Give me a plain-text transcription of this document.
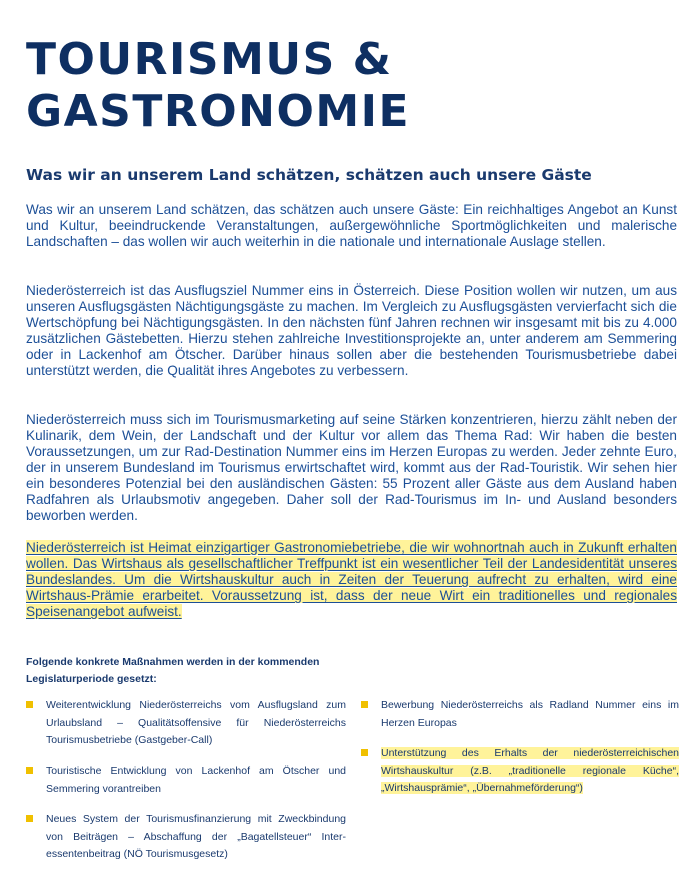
TOURISMUS &
GASTRONOMIE
Was wir an unserem Land schätzen, schätzen auch unsere Gäste

Was wir an unserem Land schätzen, das schätzen auch unsere Gäste: Ein reichhaltiges Angebot an Kunst und Kultur, beeindruckende Veranstaltungen, außergewöhnliche Sportmöglichkeiten und malerische Landschaften – das wollen wir auch weiterhin in die nationale und internationale Auslage stellen.

Niederösterreich ist das Ausflugsziel Nummer eins in Österreich. Diese Position wollen wir nutzen, um aus unseren Ausflugsgästen Nächtigungsgäste zu machen. Im Vergleich zu Ausflugsgästen vervierfacht sich die Wertschöpfung bei Nächtigungsgästen. In den nächsten fünf Jahren rechnen wir insgesamt mit bis zu 4.000 zusätzlichen Gästebetten. Hierzu stehen zahlreiche Investitionsprojekte an, unter anderem am Semmering oder in Lackenhof am Ötscher. Darüber hinaus sollen aber die bestehenden Tourismusbetriebe dabei unterstützt werden, die Qualität ihres Angebotes zu verbessern.

Niederösterreich muss sich im Tourismusmarketing auf seine Stärken konzentrieren, hierzu zählt neben der Kulinarik, dem Wein, der Landschaft und der Kultur vor allem das Thema Rad: Wir haben die besten Voraussetzungen, um zur Rad-Destination Nummer eins im Herzen Europas zu werden. Jeder zehnte Euro, der in unserem Bundesland im Tourismus erwirtschaftet wird, kommt aus der Rad-Touristik. Wir sehen hier ein besonderes Potenzial bei den ausländischen Gästen: 55 Prozent aller Gäste aus dem Ausland haben Radfahren als Urlaubsmotiv angegeben. Daher soll der Rad-Tourismus im In- und Ausland besonders beworben werden.

Niederösterreich ist Heimat einzigartiger Gastronomiebetriebe, die wir wohnortnah auch in Zukunft erhalten wollen. Das Wirtshaus als gesellschaftlicher Treffpunkt ist ein wesentlicher Teil der Landesidentität unseres Bundeslandes. Um die Wirtshauskultur auch in Zeiten der Teuerung aufrecht zu erhalten, wird eine Wirtshaus-Prämie erarbeitet. Voraussetzung ist, dass der neue Wirt ein traditionelles und regionales Speisenangebot aufweist.

Folgende konkrete Maßnahmen werden in der kommenden Legislaturperiode gesetzt:

Weiterentwicklung Niederösterreichs vom Ausflugsland zum Urlaubsland – Qualitätsoffensive für Niederösterreichs Tourismusbetriebe (Gastgeber-Call)
Touristische Entwicklung von Lackenhof am Ötscher und Semmering vorantreiben
Neues System der Tourismusfinanzierung mit Zweckbindung von Beiträgen – Abschaffung der „Bagatellsteuer“ Interessentenbeitrag (NÖ Tourismusgesetz)
Bewerbung Niederösterreichs als Radland Nummer eins im Herzen Europas
Unterstützung des Erhalts der niederösterreichischen Wirtshauskultur (z.B. „traditionelle regionale Küche“, „Wirtshausprämie“, „Übernahmeförderung“)
